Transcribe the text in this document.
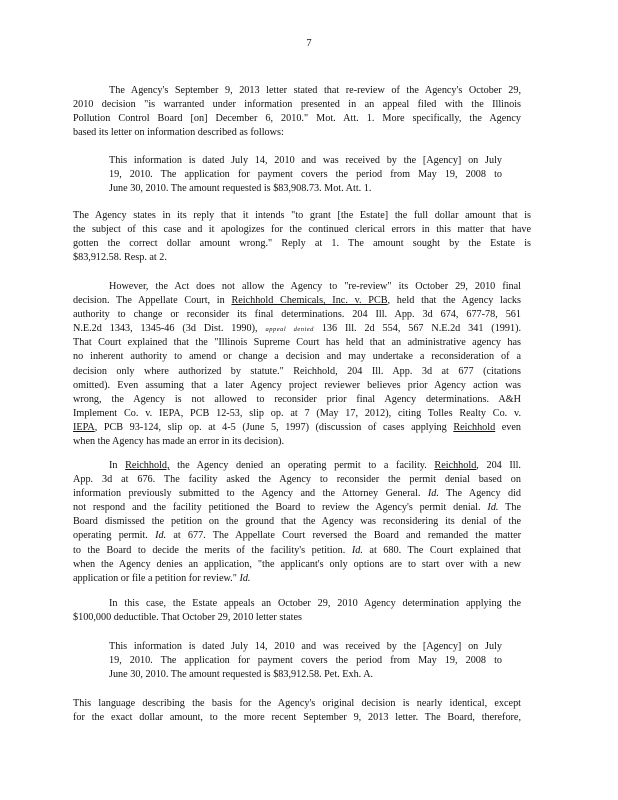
7
The Agency's September 9, 2013 letter stated that re-review of the Agency's October 29,
2010 decision "is warranted under information presented in an appeal filed with the Illinois
Pollution Control Board [on] December 6, 2010." Mot. Att. 1. More specifically, the Agency
based its letter on information described as follows:
This information is dated July 14, 2010 and was received by the [Agency] on July
19, 2010. The application for payment covers the period from May 19, 2008 to
June 30, 2010. The amount requested is $83,908.73. Mot. Att. 1.
The Agency states in its reply that it intends "to grant [the Estate] the full dollar amount that is
the subject of this case and it apologizes for the continued clerical errors in this matter that have
gotten the correct dollar amount wrong." Reply at 1. The amount sought by the Estate is
$83,912.58. Resp. at 2.
However, the Act does not allow the Agency to "re-review" its October 29, 2010 final
decision. The Appellate Court, in Reichhold Chemicals, Inc. v. PCB, held that the Agency lacks
authority to change or reconsider its final determinations. 204 Ill. App. 3d 674, 677-78, 561
N.E.2d 1343, 1345-46 (3d Dist. 1990), appeal denied 136 Ill. 2d 554, 567 N.E.2d 341 (1991).
That Court explained that the "Illinois Supreme Court has held that an administrative agency has
no inherent authority to amend or change a decision and may undertake a reconsideration of a
decision only where authorized by statute." Reichhold, 204 Ill. App. 3d at 677 (citations
omitted). Even assuming that a later Agency project reviewer believes prior Agency action was
wrong, the Agency is not allowed to reconsider prior final Agency determinations. A&H
Implement Co. v. IEPA, PCB 12-53, slip op. at 7 (May 17, 2012), citing Tolles Realty Co. v.
IEPA, PCB 93-124, slip op. at 4-5 (June 5, 1997) (discussion of cases applying Reichhold even
when the Agency has made an error in its decision).
In Reichhold, the Agency denied an operating permit to a facility. Reichhold, 204 Ill.
App. 3d at 676. The facility asked the Agency to reconsider the permit denial based on
information previously submitted to the Agency and the Attorney General. Id. The Agency did
not respond and the facility petitioned the Board to review the Agency's permit denial. Id. The
Board dismissed the petition on the ground that the Agency was reconsidering its denial of the
operating permit. Id. at 677. The Appellate Court reversed the Board and remanded the matter
to the Board to decide the merits of the facility's petition. Id. at 680. The Court explained that
when the Agency denies an application, "the applicant's only options are to start over with a new
application or file a petition for review." Id.
In this case, the Estate appeals an October 29, 2010 Agency determination applying the
$100,000 deductible. That October 29, 2010 letter states
This information is dated July 14, 2010 and was received by the [Agency] on July
19, 2010. The application for payment covers the period from May 19, 2008 to
June 30, 2010. The amount requested is $83,912.58. Pet. Exh. A.
This language describing the basis for the Agency's original decision is nearly identical, except
for the exact dollar amount, to the more recent September 9, 2013 letter. The Board, therefore,
